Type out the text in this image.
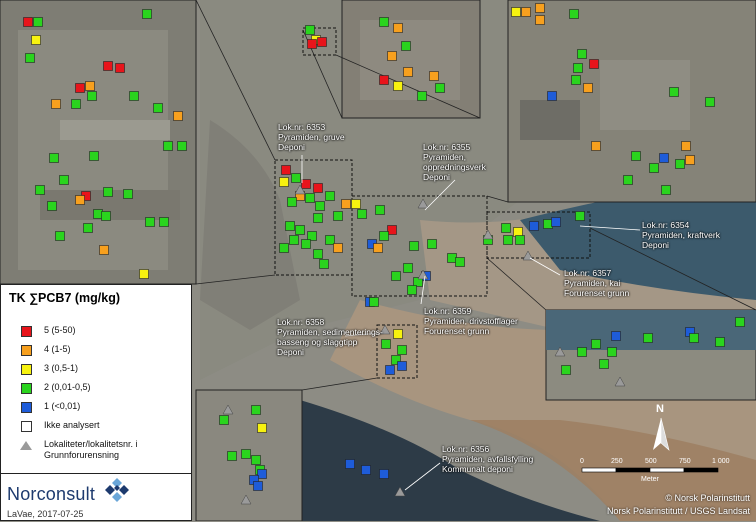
N
0	250	500	750	1 000
Meter
Lok.nr: 6353
Pyramiden, gruve
Deponi	Lok.nr: 6355
Pyramiden,
oppredningsverk
Deponi
Lok.nr: 6354
Pyramiden, kraftverk
Deponi
Lok.nr: 6357
Pyramiden, kai
Forurenset grunn
Lok.nr: 6358
Pyramiden, sedimenterings-
basseng og slaggtipp
Deponi
Lok.nr: 6359
Pyramiden, drivstofflager
Forurenset grunn
Lok.nr: 6356
Pyramiden, avfallsfylling
Kommunalt deponi
© Norsk Polarinstitutt
Norsk Polarinstitutt / USGS Landsat
TK ∑PCB7 (mg/kg)
5 (5-50)
4 (1-5)
3 (0,5-1)
2 (0,01-0,5)
1 (<0,01)
Ikke analysert
Lokaliteter/lokalitetsnr. i Grunnforurensning
Norconsult
LaVae, 2017-07-25
